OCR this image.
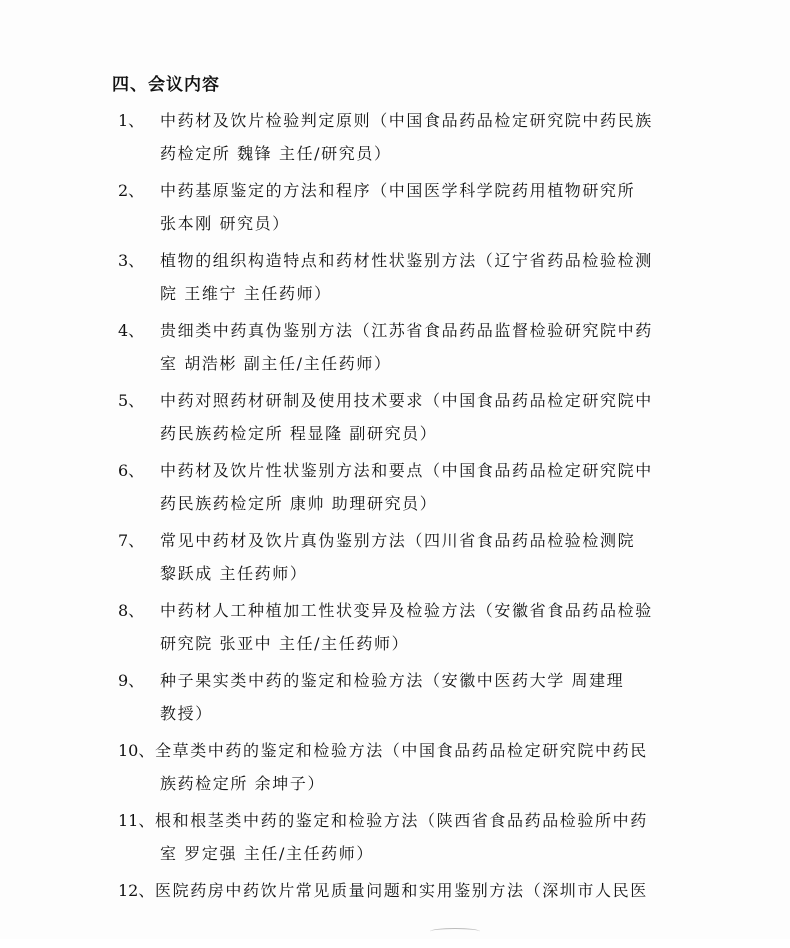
四、会议内容
1、 中药材及饮片检验判定原则（中国食品药品检定研究院中药民族
药检定所 魏锋 主任/研究员）
2、 中药基原鉴定的方法和程序（中国医学科学院药用植物研究所
张本刚 研究员）
3、 植物的组织构造特点和药材性状鉴别方法（辽宁省药品检验检测
院 王维宁 主任药师）
4、 贵细类中药真伪鉴别方法（江苏省食品药品监督检验研究院中药
室 胡浩彬 副主任/主任药师）
5、 中药对照药材研制及使用技术要求（中国食品药品检定研究院中
药民族药检定所 程显隆 副研究员）
6、 中药材及饮片性状鉴别方法和要点（中国食品药品检定研究院中
药民族药检定所 康帅 助理研究员）
7、 常见中药材及饮片真伪鉴别方法（四川省食品药品检验检测院
黎跃成 主任药师）
8、 中药材人工种植加工性状变异及检验方法（安徽省食品药品检验
研究院 张亚中 主任/主任药师）
9、 种子果实类中药的鉴定和检验方法（安徽中医药大学 周建理
教授）
10、 全草类中药的鉴定和检验方法（中国食品药品检定研究院中药民
族药检定所 余坤子）
11、 根和根茎类中药的鉴定和检验方法（陕西省食品药品检验所中药
室 罗定强 主任/主任药师）
12、 医院药房中药饮片常见质量问题和实用鉴别方法（深圳市人民医
